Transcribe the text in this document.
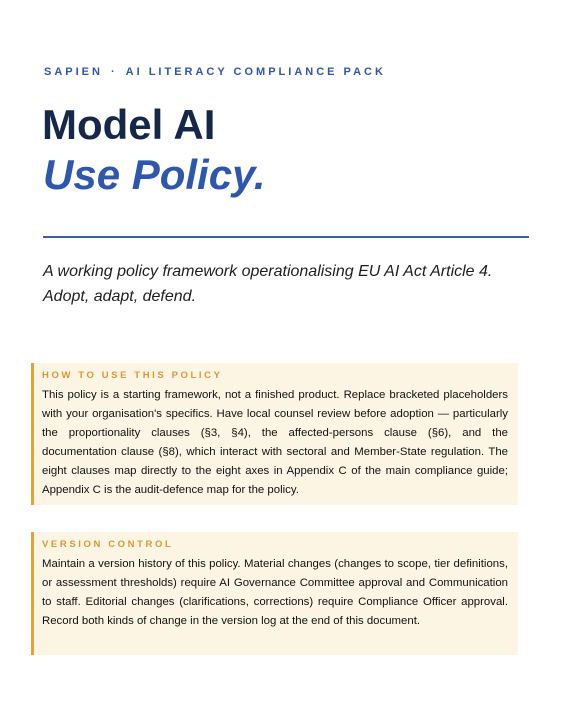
SAPIEN · AI LITERACY COMPLIANCE PACK
Model AI
Use Policy.

A working policy framework operationalising EU AI Act Article 4. Adopt, adapt, defend.

HOW TO USE THIS POLICY

This policy is a starting framework, not a finished product. Replace bracketed placeholders with your organisation's specifics. Have local counsel review before adoption — particularly the proportionality clauses (§3, §4), the affected-persons clause (§6), and the documentation clause (§8), which interact with sectoral and Member-State regulation. The eight clauses map directly to the eight axes in Appendix C of the main compliance guide; Appendix C is the audit-defence map for the policy.

VERSION CONTROL

Maintain a version history of this policy. Material changes (changes to scope, tier definitions, or assessment thresholds) require AI Governance Committee approval and Communication to staff. Editorial changes (clarifications, corrections) require Compliance Officer approval. Record both kinds of change in the version log at the end of this document.
